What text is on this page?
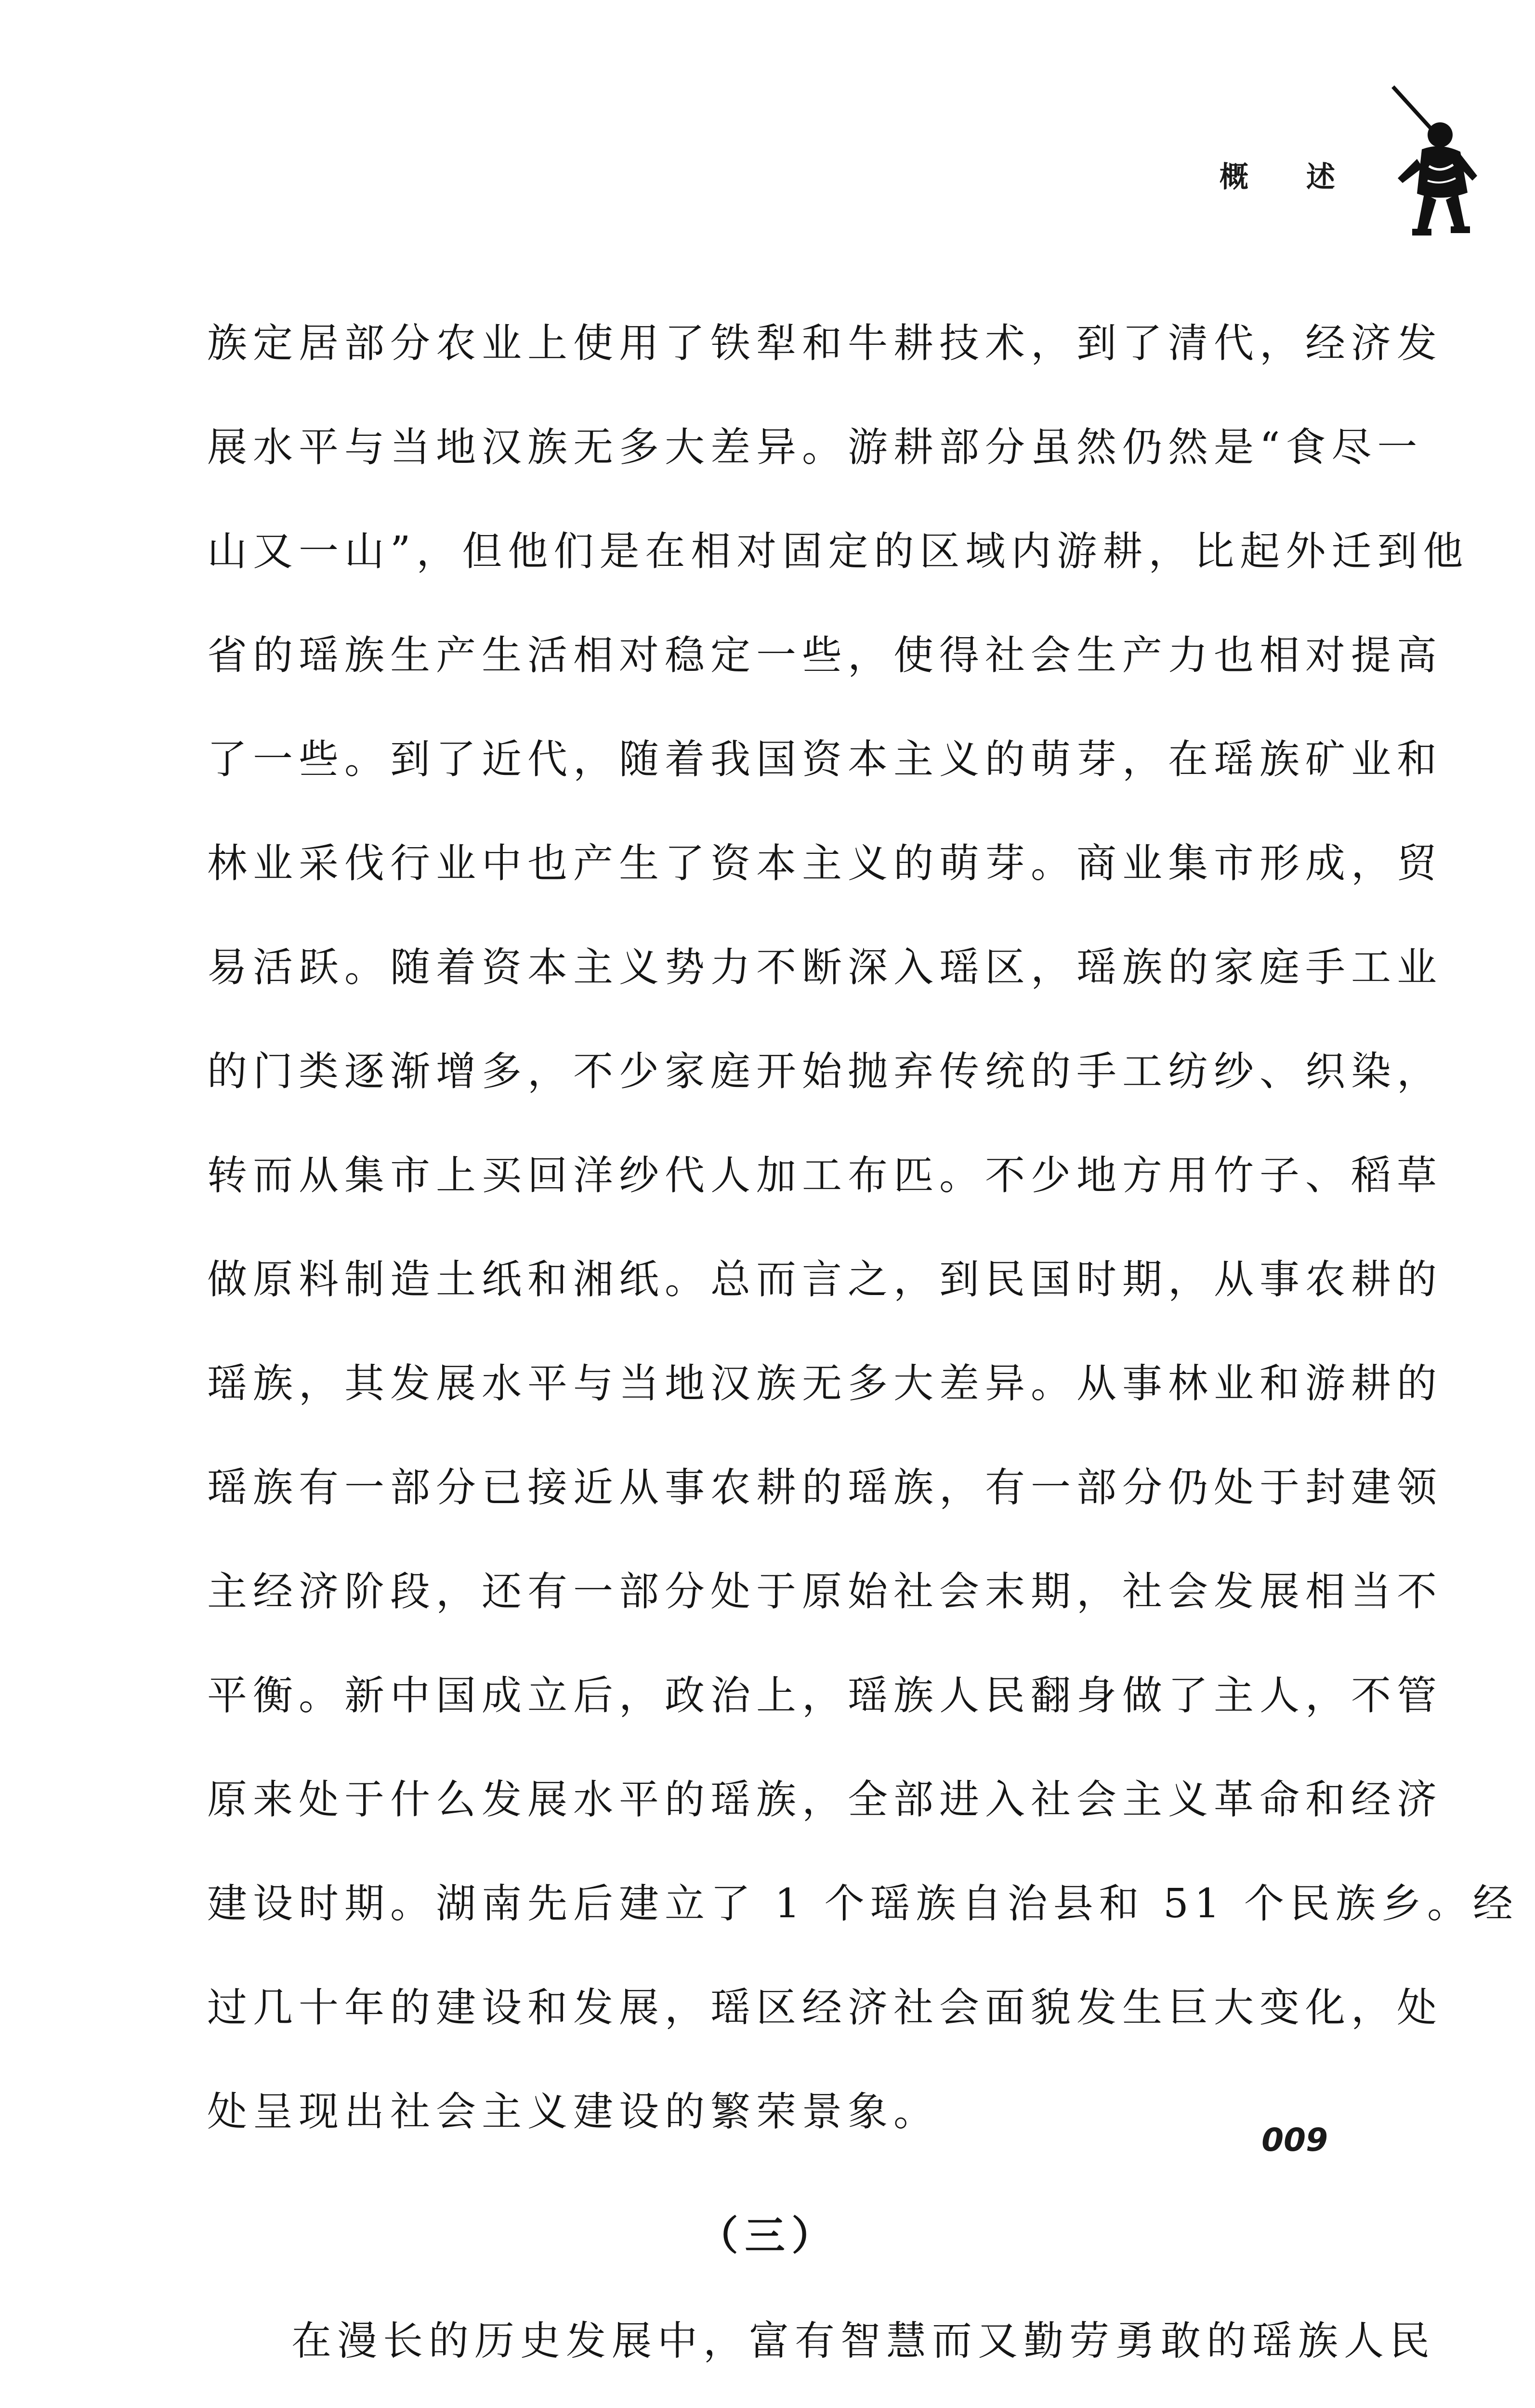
概　述
族定居部分农业上使用了铁犁和牛耕技术，到了清代，经济发
展水平与当地汉族无多大差异。游耕部分虽然仍然是“食尽一
山又一山”，但他们是在相对固定的区域内游耕，比起外迁到他
省的瑶族生产生活相对稳定一些，使得社会生产力也相对提高
了一些。到了近代，随着我国资本主义的萌芽，在瑶族矿业和
林业采伐行业中也产生了资本主义的萌芽。商业集市形成，贸
易活跃。随着资本主义势力不断深入瑶区，瑶族的家庭手工业
的门类逐渐增多，不少家庭开始抛弃传统的手工纺纱、织染，
转而从集市上买回洋纱代人加工布匹。不少地方用竹子、稻草
做原料制造土纸和湘纸。总而言之，到民国时期，从事农耕的
瑶族，其发展水平与当地汉族无多大差异。从事林业和游耕的
瑶族有一部分已接近从事农耕的瑶族，有一部分仍处于封建领
主经济阶段，还有一部分处于原始社会末期，社会发展相当不
平衡。新中国成立后，政治上，瑶族人民翻身做了主人，不管
原来处于什么发展水平的瑶族，全部进入社会主义革命和经济
建设时期。湖南先后建立了 1 个瑶族自治县和 51 个民族乡。经
过几十年的建设和发展，瑶区经济社会面貌发生巨大变化，处
处呈现出社会主义建设的繁荣景象。
（三）
在漫长的历史发展中，富有智慧而又勤劳勇敢的瑶族人民
009
